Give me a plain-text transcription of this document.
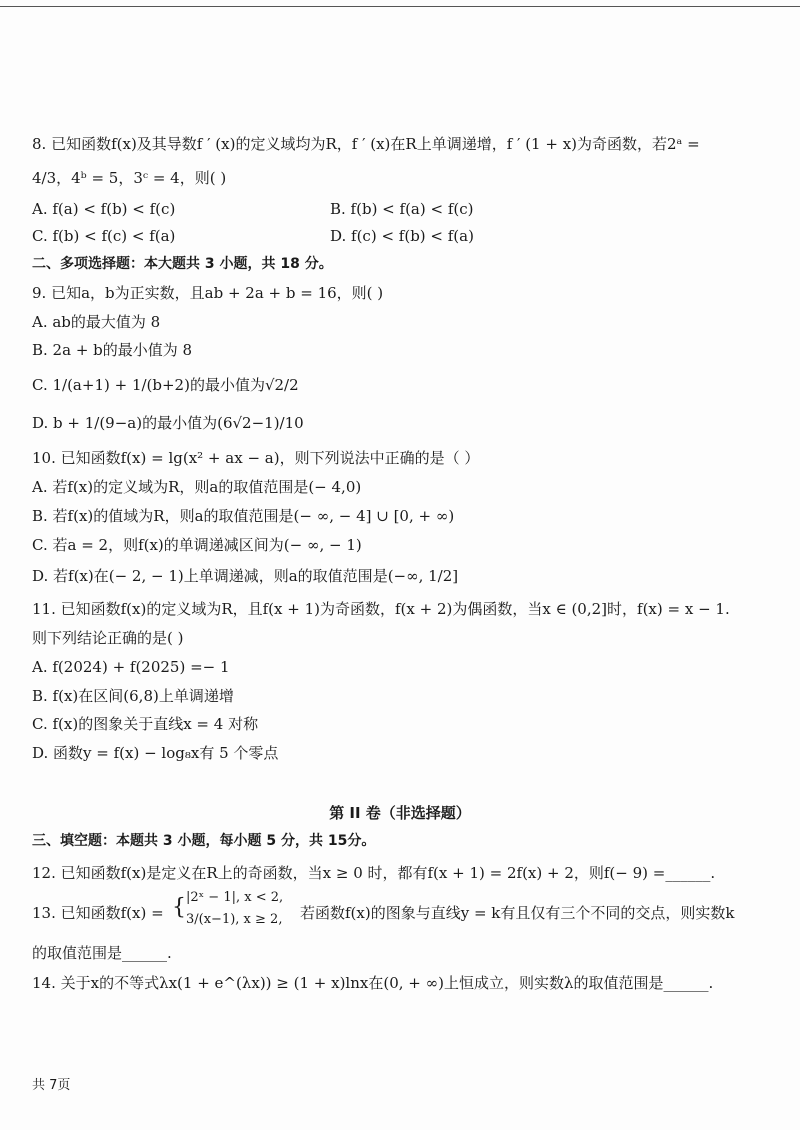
8. 已知函数f(x)及其导数f ′ (x)的定义域均为R，f ′ (x)在R上单调递增，f ′ (1 + x)为奇函数，若2ᵃ =
4/3，4ᵇ = 5，3ᶜ = 4，则( )
A. f(a) < f(b) < f(c)	B. f(b) < f(a) < f(c)
C. f(b) < f(c) < f(a)	D. f(c) < f(b) < f(a)
二、多项选择题：本大题共 3 小题，共 18 分。
9. 已知a，b为正实数，且ab + 2a + b = 16，则( )
A. ab的最大值为 8
B. 2a + b的最小值为 8
C. 1/(a+1) + 1/(b+2)的最小值为√2/2
D. b + 1/(9−a)的最小值为(6√2−1)/10
10. 已知函数f(x) = lg(x² + ax − a)，则下列说法中正确的是（ ）
A. 若f(x)的定义域为R，则a的取值范围是(− 4,0)
B. 若f(x)的值域为R，则a的取值范围是(− ∞, − 4] ∪ [0, + ∞)
C. 若a = 2，则f(x)的单调递减区间为(− ∞, − 1)
D. 若f(x)在(− 2, − 1)上单调递减，则a的取值范围是(−∞, 1/2]
11. 已知函数f(x)的定义域为R，且f(x + 1)为奇函数，f(x + 2)为偶函数，当x ∈ (0,2]时，f(x) = x − 1.
则下列结论正确的是( )
A. f(2024) + f(2025) =− 1
B. f(x)在区间(6,8)上单调递增
C. f(x)的图象关于直线x = 4 对称
D. 函数y = f(x) − log₈x有 5 个零点
第 II 卷（非选择题）
三、填空题：本题共 3 小题，每小题 5 分，共 15分。
12. 已知函数f(x)是定义在R上的奇函数，当x ≥ 0 时，都有f(x + 1) = 2f(x) + 2，则f(− 9) =______.
13. 已知函数f(x) = { |2ˣ − 1|, x < 2,
3/(x−1), x ≥ 2, 若函数f(x)的图象与直线y = k有且仅有三个不同的交点，则实数k
的取值范围是______.
14. 关于x的不等式λx(1 + e^(λx)) ≥ (1 + x)lnx在(0, + ∞)上恒成立，则实数λ的取值范围是______.
共 7页
